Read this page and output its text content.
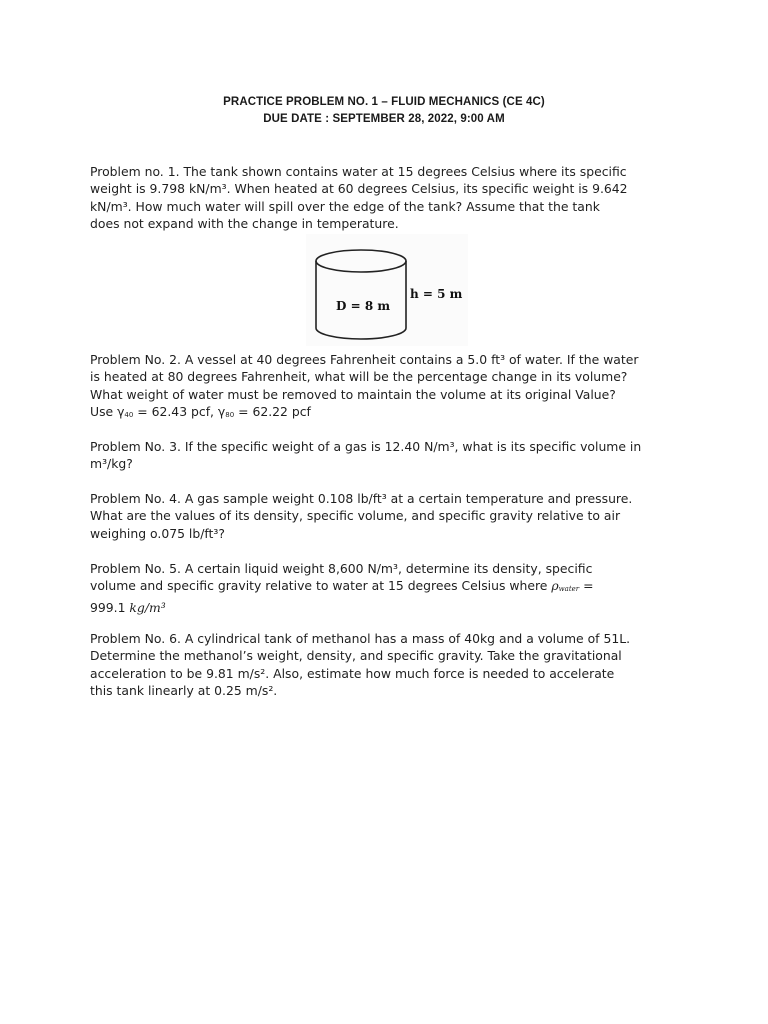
PRACTICE PROBLEM NO. 1 – FLUID MECHANICS (CE 4C)
DUE DATE : SEPTEMBER 28, 2022, 9:00 AM
Problem no. 1. The tank shown contains water at 15 degrees Celsius where its specific
weight is 9.798 kN/m³. When heated at 60 degrees Celsius, its specific weight is 9.642
kN/m³. How much water will spill over the edge of the tank? Assume that the tank
does not expand with the change in temperature.
D = 8 m
h = 5 m
Problem No. 2. A vessel at 40 degrees Fahrenheit contains a 5.0 ft³ of water. If the water
is heated at 80 degrees Fahrenheit, what will be the percentage change in its volume?
What weight of water must be removed to maintain the volume at its original Value?
Use $\gamma_{40} = 62.43$ pcf, $\gamma_{80} = 62.22$ pcf
Problem No. 3. If the specific weight of a gas is 12.40 N/m³, what is its specific volume in
m³/kg?
Problem No. 4. A gas sample weight 0.108 lb/ft³ at a certain temperature and pressure.
What are the values of its density, specific volume, and specific gravity relative to air
weighing o.075 lb/ft³?
Problem No. 5. A certain liquid weight 8,600 N/m³, determine its density, specific
volume and specific gravity relative to water at 15 degrees Celsius where $\rho_{water}$ =
999.1 kg/m³
Problem No. 6. A cylindrical tank of methanol has a mass of 40kg and a volume of 51L.
Determine the methanol’s weight, density, and specific gravity. Take the gravitational
acceleration to be 9.81 m/s². Also, estimate how much force is needed to accelerate
this tank linearly at 0.25 m/s².
